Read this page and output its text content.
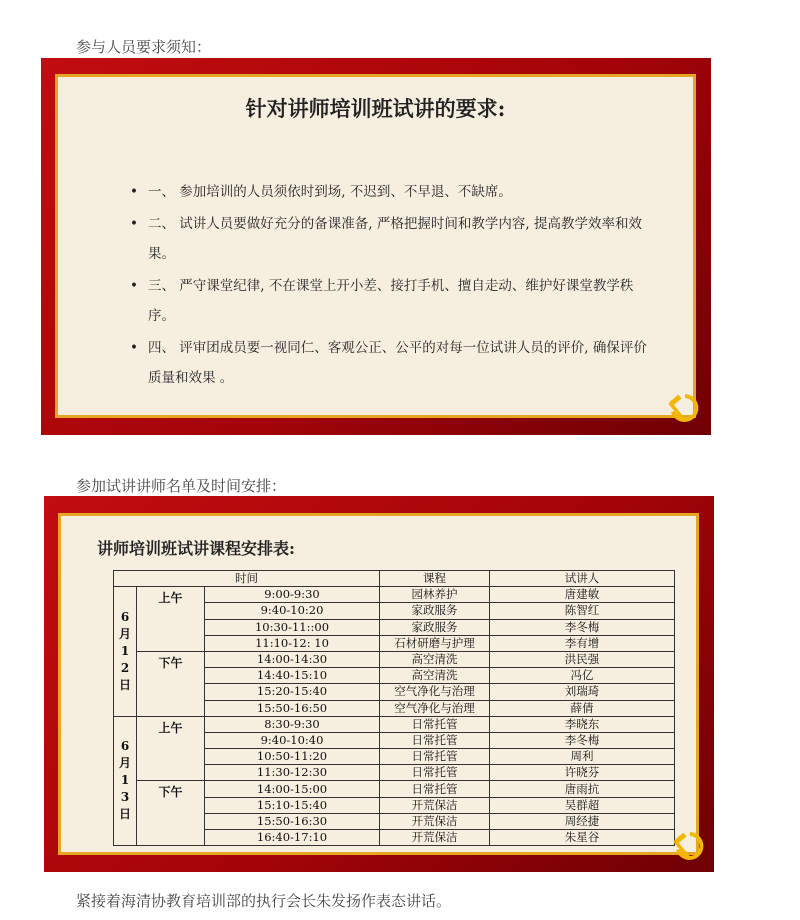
参与人员要求须知：
针对讲师培训班试讲的要求:
• 一、 参加培训的人员须依时到场, 不迟到、不早退、不缺席。
• 二、 试讲人员要做好充分的备课准备, 严格把握时间和教学内容, 提高教学效率和效果。
• 三、 严守课堂纪律, 不在课堂上开小差、接打手机、擅自走动、维护好课堂教学秩序。
• 四、 评审团成员要一视同仁、客观公正、公平的对每一位试讲人员的评价, 确保评价质量和效果 。
参加试讲讲师名单及时间安排：
讲师培训班试讲课程安排表:
时间			课程	试讲人
6月12日	上午	9:00-9:30	园林养护	唐建敏
		9:40-10:20	家政服务	陈智红
		10:30-11::00	家政服务	李冬梅
		11:10-12: 10	石材研磨与护理	李有增
	下午	14:00-14:30	高空清洗	洪民强
		14:40-15:10	高空清洗	冯亿
		15:20-15:40	空气净化与治理	刘瑞琦
		15:50-16:50	空气净化与治理	薛倩
6月13日	上午	8:30-9:30	日常托管	李晓东
		9:40-10:40	日常托管	李冬梅
		10:50-11:20	日常托管	周利
		11:30-12:30	日常托管	许晓芬
	下午	14:00-15:00	日常托管	唐雨抗
		15:10-15:40	开荒保洁	吴群超
		15:50-16:30	开荒保洁	周经捷
		16:40-17:10	开荒保洁	朱星谷
紧接着海清协教育培训部的执行会长朱发扬作表态讲话。
